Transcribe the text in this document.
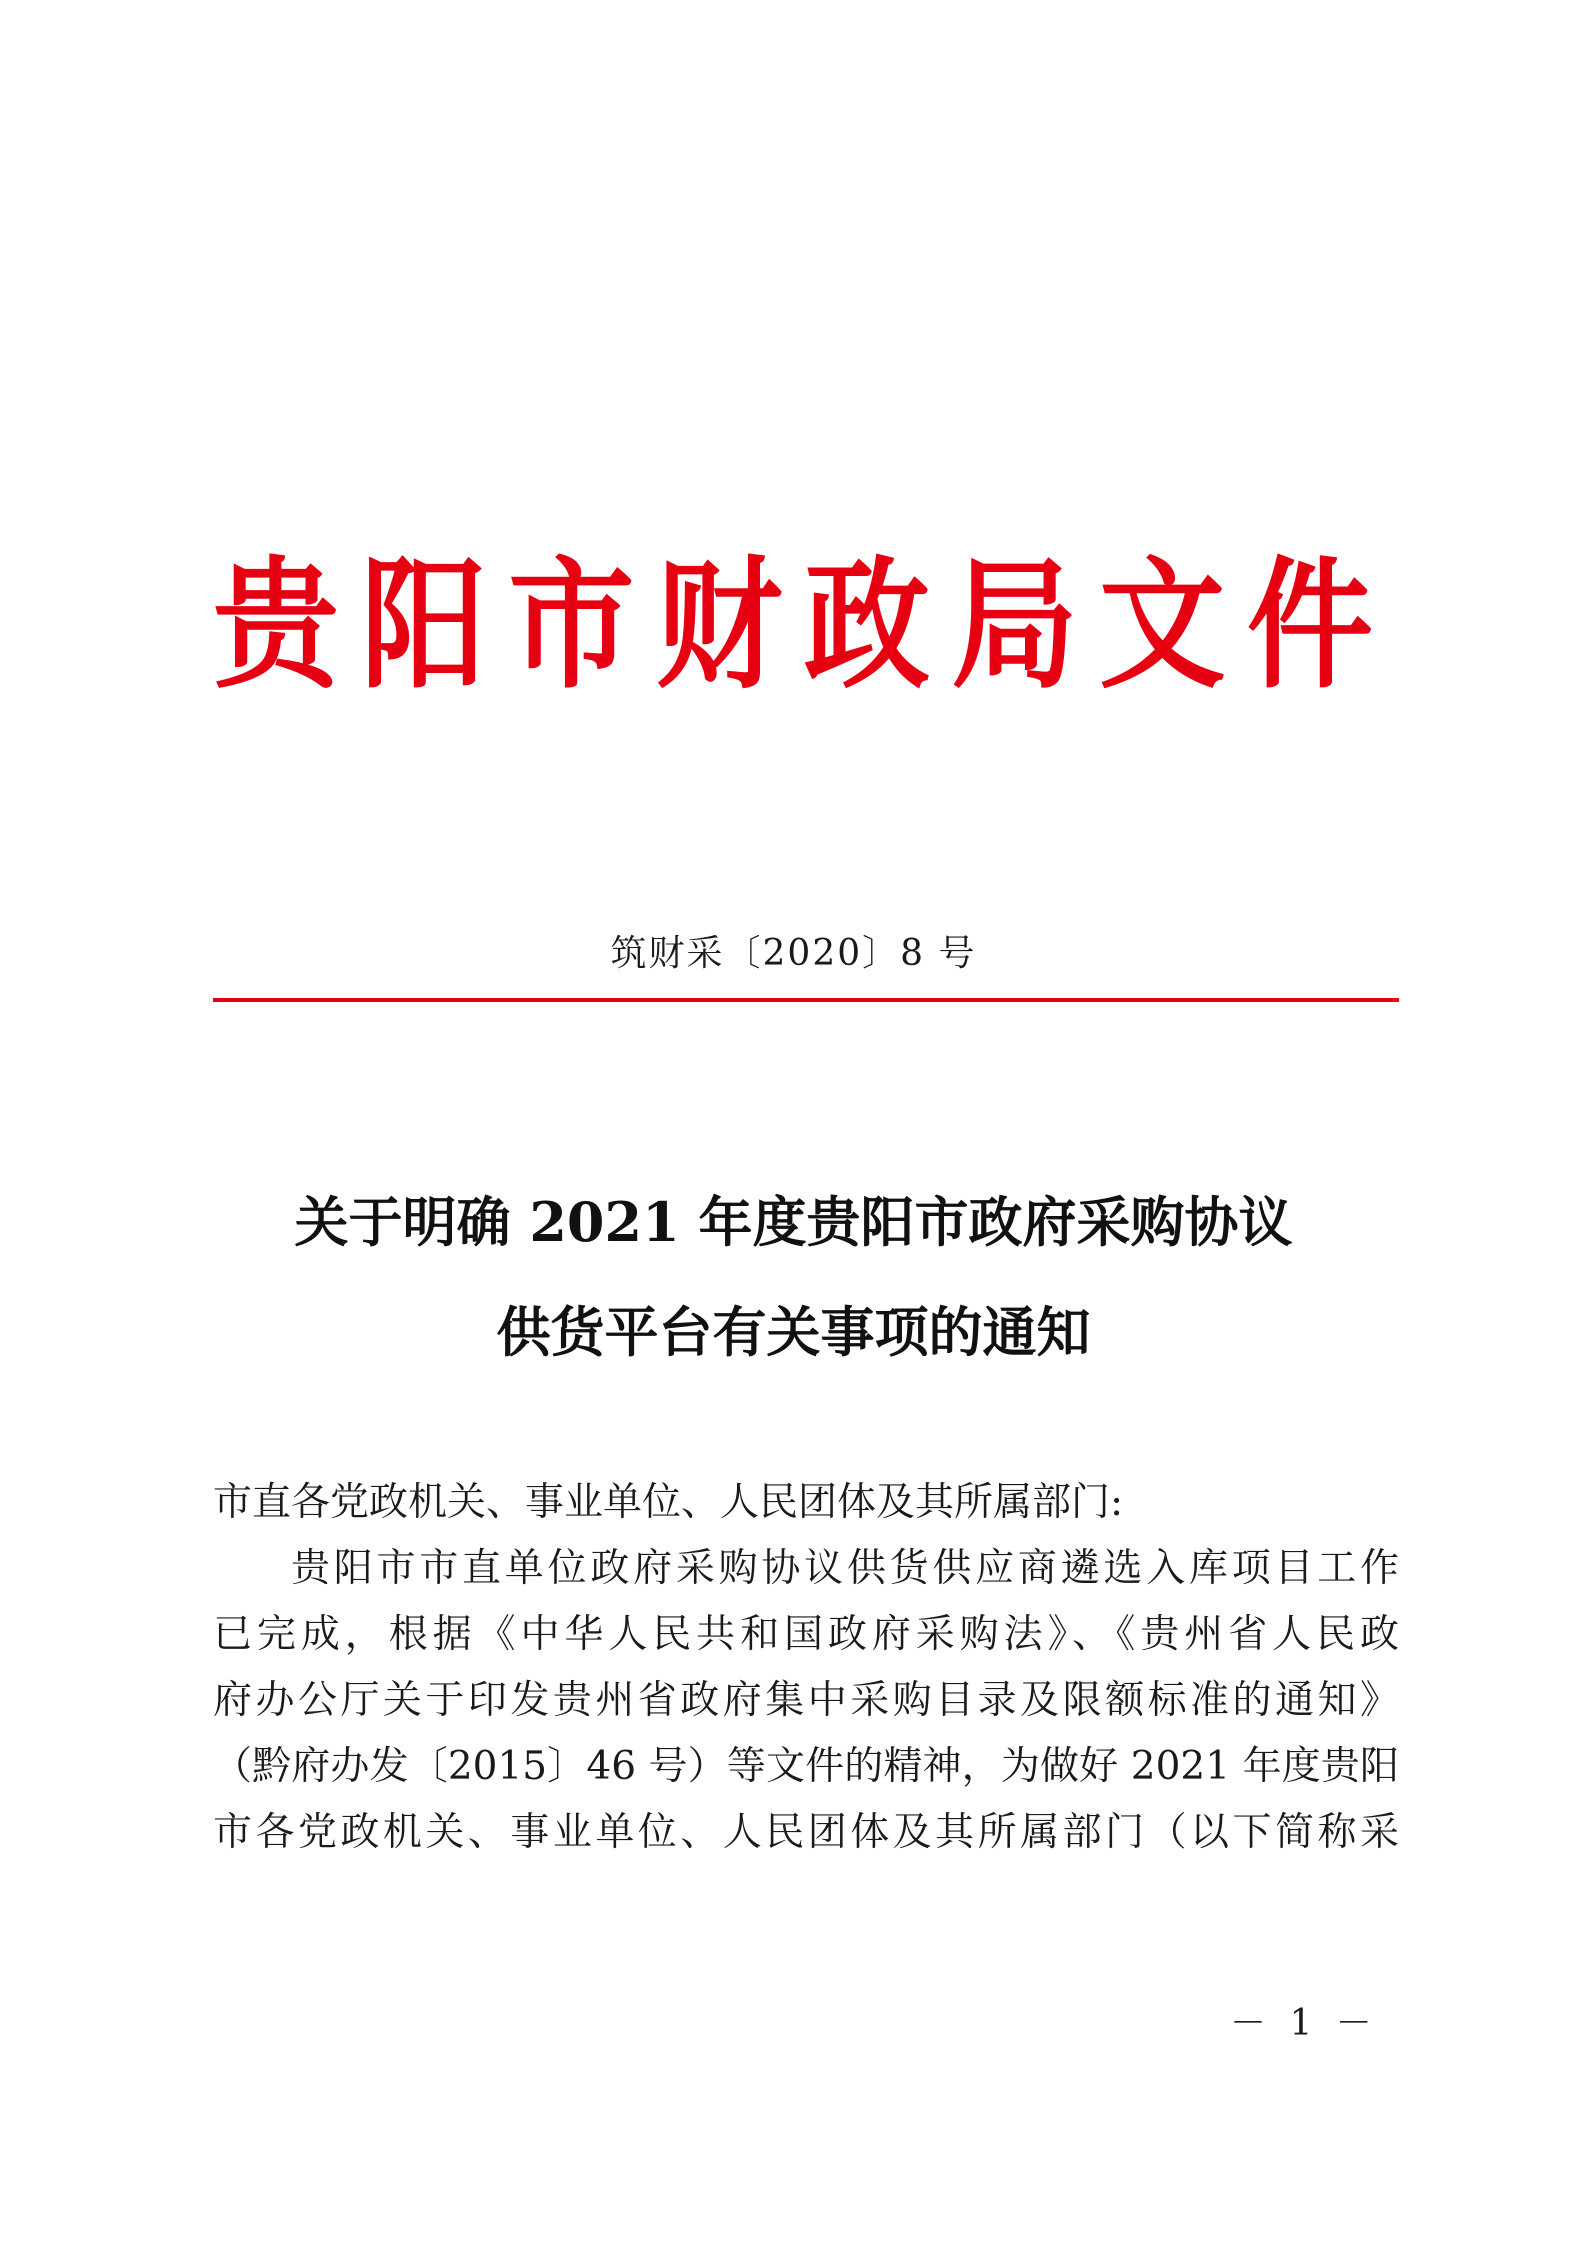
贵 阳 市 财 政 局 文 件
筑财采〔2020〕8 号
关于明确 2021 年度贵阳市政府采购协议
供货平台有关事项的通知
市直各党政机关、事业单位、人民团体及其所属部门:
贵阳市市直单位政府采购协议供货供应商遴选入库项目工作
已完成，根据《中华人民共和国政府采购法》、《贵州省人民政
府办公厅关于印发贵州省政府集中采购目录及限额标准的通知》
（黔府办发〔2015〕46 号）等文件的精神，为做好 2021 年度贵阳
市各党政机关、事业单位、人民团体及其所属部门（以下简称采
－ 1 －
